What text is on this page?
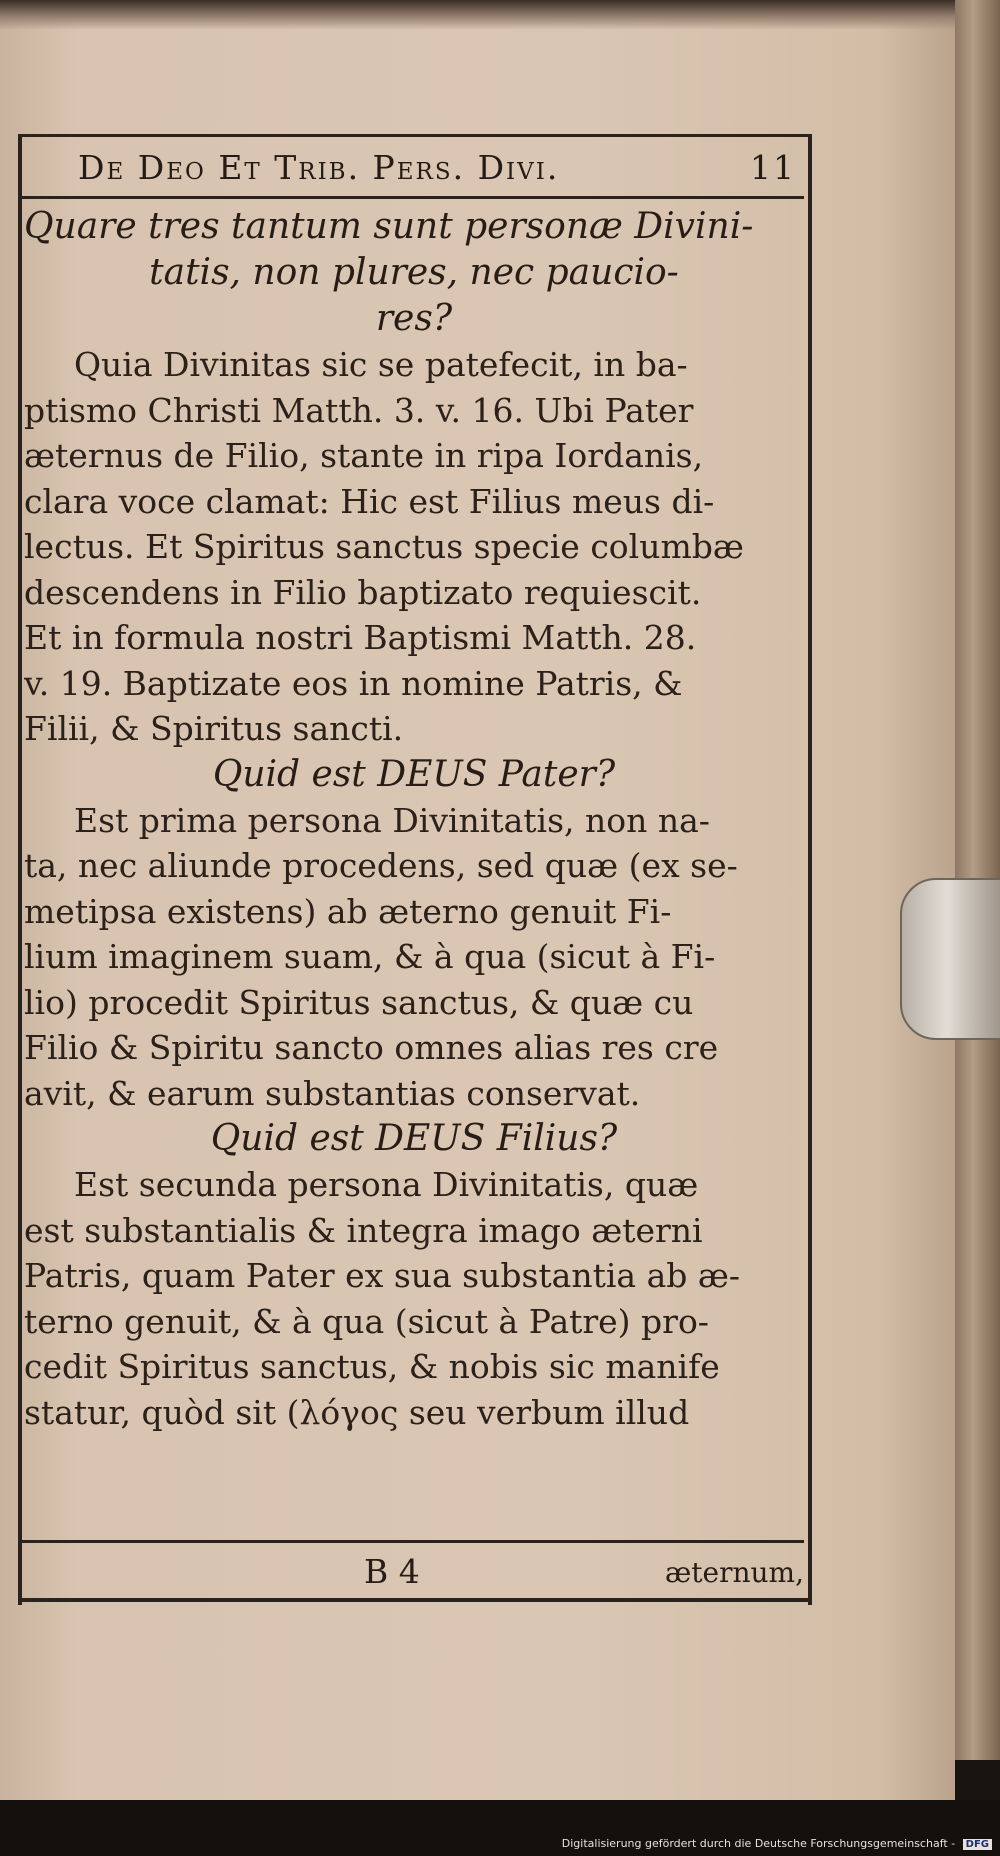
De Deo Et Trib. Pers. Divi.	11
Quare tres tantum sunt personæ Divini-
tatis, non plures, nec paucio-
res?
Quia Divinitas sic se patefecit, in ba-
ptismo Christi Matth. 3. v. 16. Ubi Pater
æternus de Filio, stante in ripa Iordanis,
clara voce clamat: Hic est Filius meus di-
lectus. Et Spiritus sanctus specie columbæ
descendens in Filio baptizato requiescit.
Et in formula nostri Baptismi Matth. 28.
v. 19. Baptizate eos in nomine Patris, &
Filii, & Spiritus sancti.
Quid est DEUS Pater?
Est prima persona Divinitatis, non na-
ta, nec aliunde procedens, sed quæ (ex se-
metipsa existens) ab æterno genuit Fi-
lium imaginem suam, & à qua (sicut à Fi-
lio) procedit Spiritus sanctus, & quæ cu
Filio & Spiritu sancto omnes alias res cre
avit, & earum substantias conservat.
Quid est DEUS Filius?
Est secunda persona Divinitatis, quæ
est substantialis & integra imago æterni
Patris, quam Pater ex sua substantia ab æ-
terno genuit, & à qua (sicut à Patre) pro-
cedit Spiritus sanctus, & nobis sic manife
statur, quòd sit (λόγος seu verbum illud
B 4	æternum,
Digitalisierung gefördert durch die Deutsche Forschungsgemeinschaft - DFG
